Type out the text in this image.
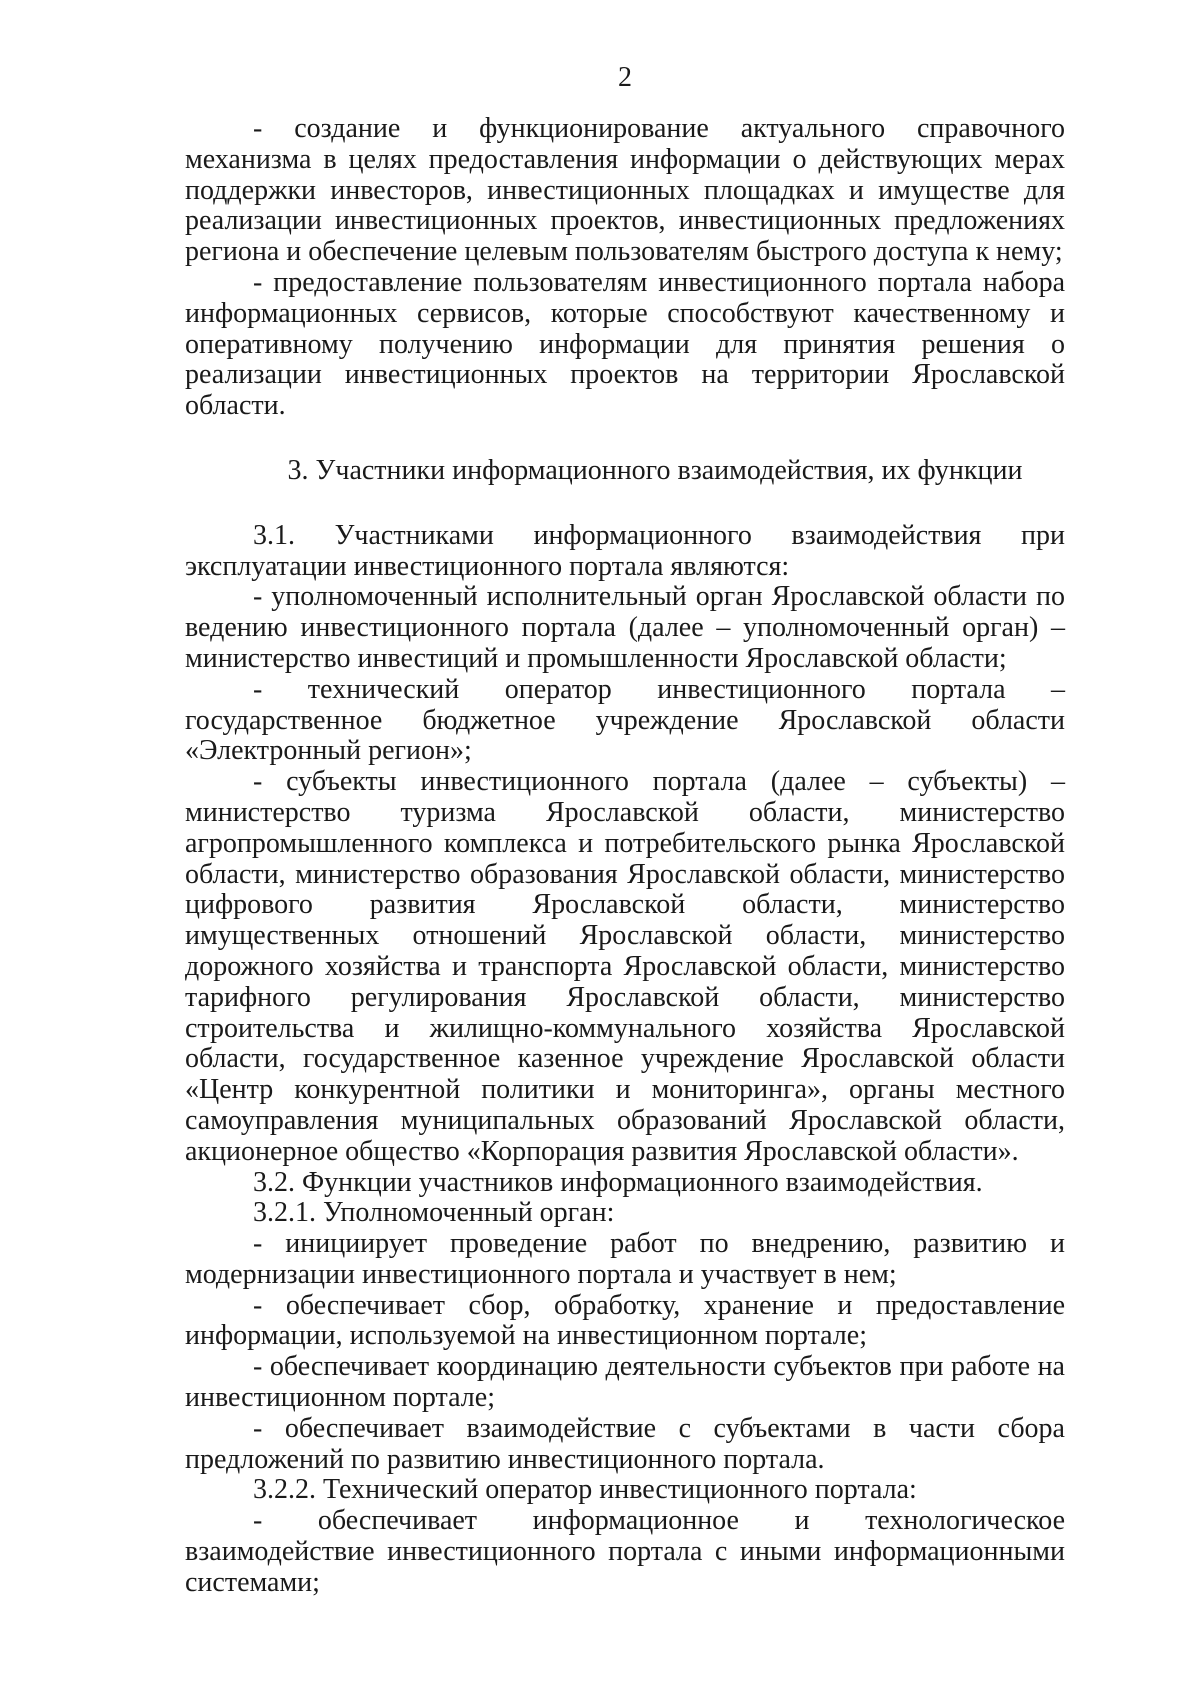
2

- создание и функционирование актуального справочного механизма в целях предоставления информации о действующих мерах поддержки инвесторов, инвестиционных площадках и имуществе для реализации инвестиционных проектов, инвестиционных предложениях региона и обеспечение целевым пользователям быстрого доступа к нему;

- предоставление пользователям инвестиционного портала набора информационных сервисов, которые способствуют качественному и оперативному получению информации для принятия решения о реализации инвестиционных проектов на территории Ярославской области.

3. Участники информационного взаимодействия, их функции

3.1. Участниками информационного взаимодействия при эксплуатации инвестиционного портала являются:

- уполномоченный исполнительный орган Ярославской области по ведению инвестиционного портала (далее – уполномоченный орган) – министерство инвестиций и промышленности Ярославской области;

- технический оператор инвестиционного портала – государственное бюджетное учреждение Ярославской области «Электронный регион»;

- субъекты инвестиционного портала (далее – субъекты) – министерство туризма Ярославской области, министерство агропромышленного комплекса и потребительского рынка Ярославской области, министерство образования Ярославской области, министерство цифрового развития Ярославской области, министерство имущественных отношений Ярославской области, министерство дорожного хозяйства и транспорта Ярославской области, министерство тарифного регулирования Ярославской области, министерство строительства и жилищно-коммунального хозяйства Ярославской области, государственное казенное учреждение Ярославской области «Центр конкурентной политики и мониторинга», органы местного самоуправления муниципальных образований Ярославской области, акционерное общество «Корпорация развития Ярославской области».

3.2. Функции участников информационного взаимодействия.

3.2.1. Уполномоченный орган:

- инициирует проведение работ по внедрению, развитию и модернизации инвестиционного портала и участвует в нем;

- обеспечивает сбор, обработку, хранение и предоставление информации, используемой на инвестиционном портале;

- обеспечивает координацию деятельности субъектов при работе на инвестиционном портале;

- обеспечивает взаимодействие с субъектами в части сбора предложений по развитию инвестиционного портала.

3.2.2. Технический оператор инвестиционного портала:

- обеспечивает информационное и технологическое взаимодействие инвестиционного портала с иными информационными системами;
